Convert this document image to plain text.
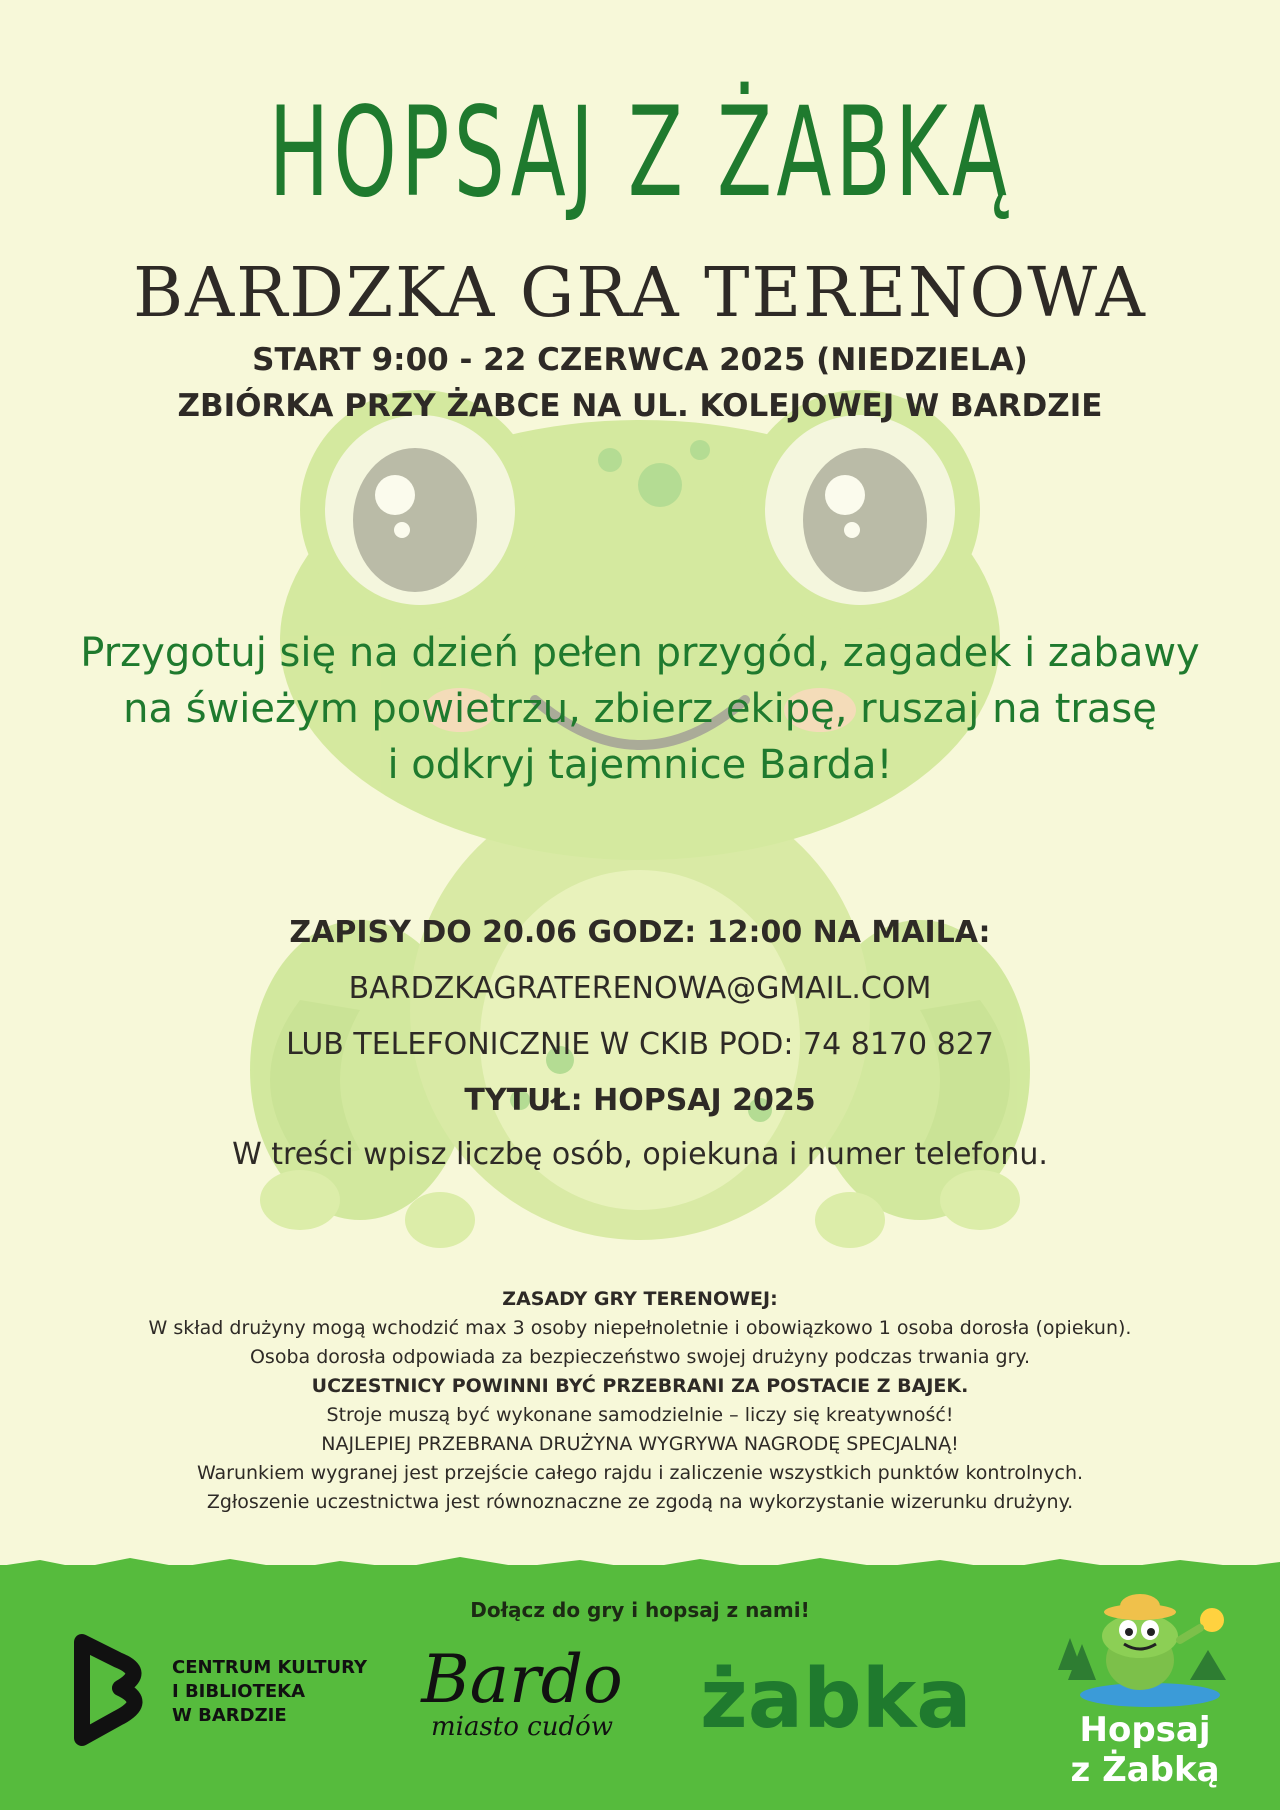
HOPSAJ Z ŻABKĄ
BARDZKA GRA TERENOWA
START 9:00 - 22 CZERWCA 2025 (NIEDZIELA)
ZBIÓRKA PRZY ŻABCE NA UL. KOLEJOWEJ W BARDZIE
Przygotuj się na dzień pełen przygód, zagadek i zabawy
na świeżym powietrzu, zbierz ekipę, ruszaj na trasę
i odkryj tajemnice Barda!
ZAPISY DO 20.06 GODZ: 12:00 NA MAILA:
BARDZKAGRATERENOWA@GMAIL.COM
LUB TELEFONICZNIE W CKIB POD: 74 8170 827
TYTUŁ: HOPSAJ 2025
W treści wpisz liczbę osób, opiekuna i numer telefonu.
ZASADY GRY TERENOWEJ:
W skład drużyny mogą wchodzić max 3 osoby niepełnoletnie i obowiązkowo 1 osoba dorosła (opiekun).
Osoba dorosła odpowiada za bezpieczeństwo swojej drużyny podczas trwania gry.
UCZESTNICY POWINNI BYĆ PRZEBRANI ZA POSTACIE Z BAJEK.
Stroje muszą być wykonane samodzielnie – liczy się kreatywność!
NAJLEPIEJ PRZEBRANA DRUŻYNA WYGRYWA NAGRODĘ SPECJALNĄ!
Warunkiem wygranej jest przejście całego rajdu i zaliczenie wszystkich punktów kontrolnych.
Zgłoszenie uczestnictwa jest równoznaczne ze zgodą na wykorzystanie wizerunku drużyny.
Dołącz do gry i hopsaj z nami!
CENTRUM KULTURY
I BIBLIOTEKA
W BARDZIE	Bardo
miasto cudów	żabka	Hopsaj
z Żabką
